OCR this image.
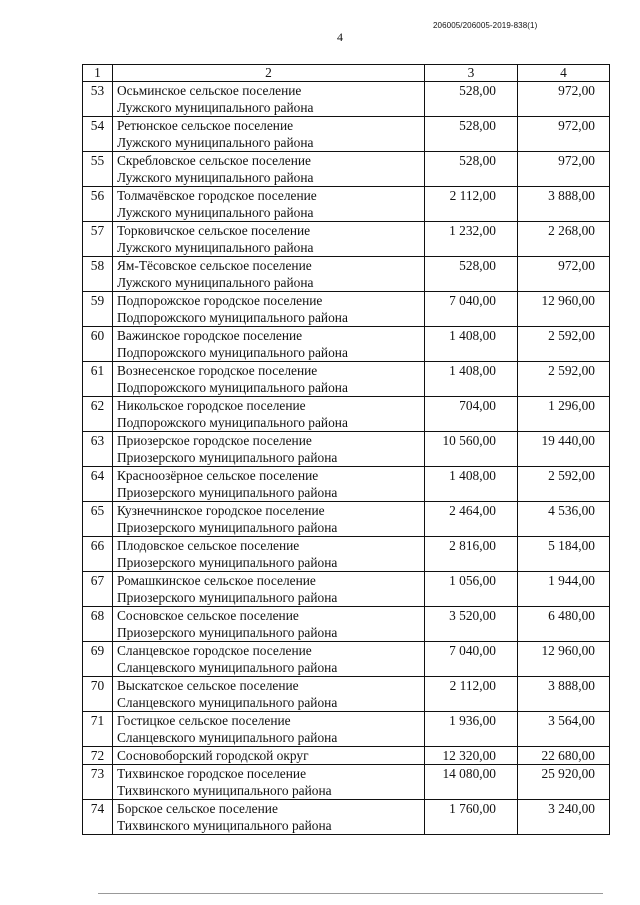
4
206005/206005-2019-838(1)
1	2	3	4
53	Осьминское сельское поселение
Лужского муниципального района	528,00	972,00
54	Ретюнское сельское поселение
Лужского муниципального района	528,00	972,00
55	Скребловское сельское поселение
Лужского муниципального района	528,00	972,00
56	Толмачёвское городское поселение
Лужского муниципального района	2 112,00	3 888,00
57	Торковичское сельское поселение
Лужского муниципального района	1 232,00	2 268,00
58	Ям-Тёсовское сельское поселение
Лужского муниципального района	528,00	972,00
59	Подпорожское городское поселение
Подпорожского муниципального района	7 040,00	12 960,00
60	Важинское городское поселение
Подпорожского муниципального района	1 408,00	2 592,00
61	Вознесенское городское поселение
Подпорожского муниципального района	1 408,00	2 592,00
62	Никольское городское поселение
Подпорожского муниципального района	704,00	1 296,00
63	Приозерское городское поселение
Приозерского муниципального района	10 560,00	19 440,00
64	Красноозёрное сельское поселение
Приозерского муниципального района	1 408,00	2 592,00
65	Кузнечнинское городское поселение
Приозерского муниципального района	2 464,00	4 536,00
66	Плодовское сельское поселение
Приозерского муниципального района	2 816,00	5 184,00
67	Ромашкинское сельское поселение
Приозерского муниципального района	1 056,00	1 944,00
68	Сосновское сельское поселение
Приозерского муниципального района	3 520,00	6 480,00
69	Сланцевское городское поселение
Сланцевского муниципального района	7 040,00	12 960,00
70	Выскатское сельское поселение
Сланцевского муниципального района	2 112,00	3 888,00
71	Гостицкое сельское поселение
Сланцевского муниципального района	1 936,00	3 564,00
72	Сосновоборский городской округ	12 320,00	22 680,00
73	Тихвинское городское поселение
Тихвинского муниципального района	14 080,00	25 920,00
74	Борское сельское поселение
Тихвинского муниципального района	1 760,00	3 240,00
